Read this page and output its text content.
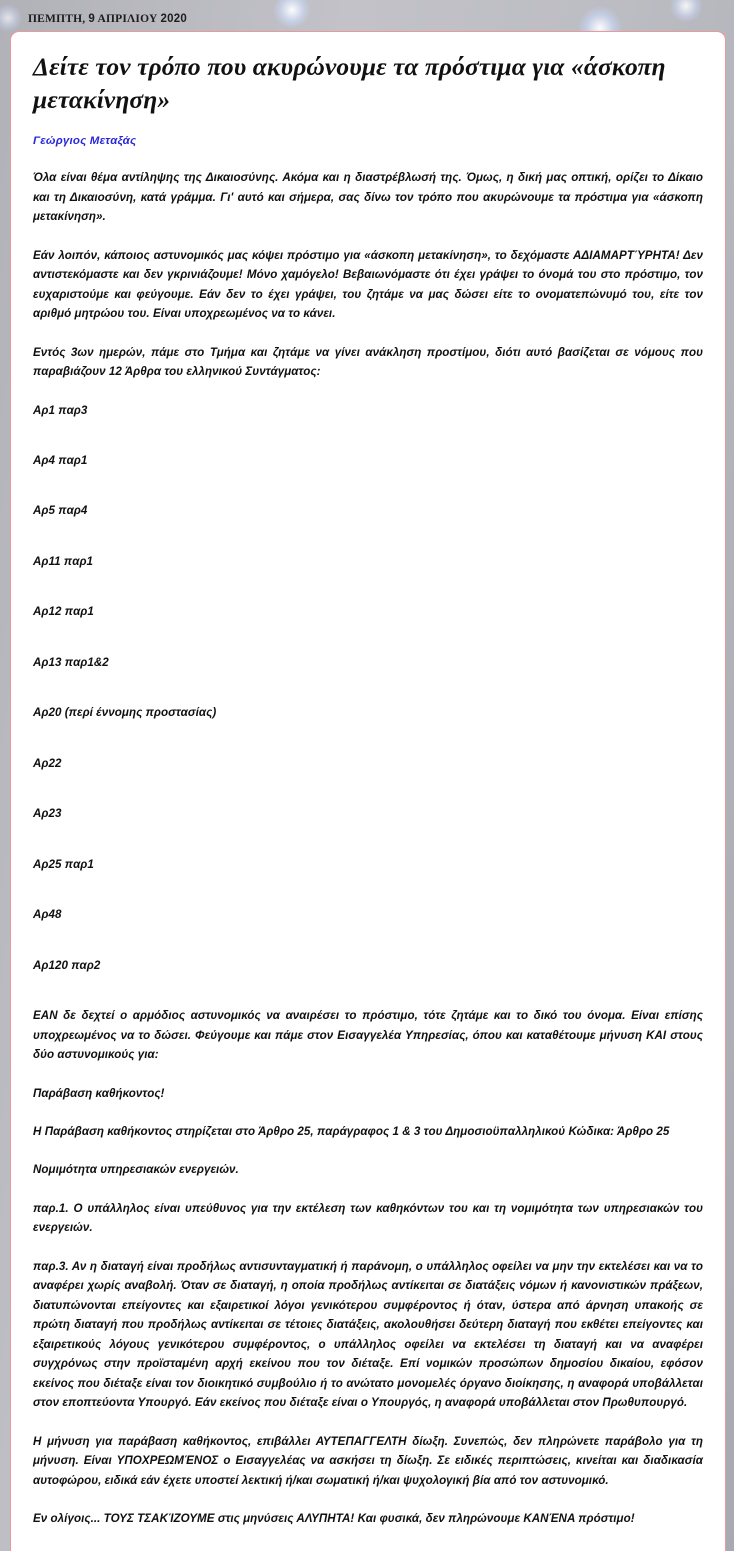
ΠΕΜΠΤΗ, 9 ΑΠΡΙΛΙΟΥ 2020
Δείτε τον τρόπο που ακυρώνουμε τα πρόστιμα για «άσκοπη μετακίνηση»
Γεώργιος Μεταξάς

Όλα είναι θέμα αντίληψης της Δικαιοσύνης. Ακόμα και η διαστρέβλωσή της. Όμως, η δική μας οπτική, ορίζει το Δίκαιο και τη Δικαιοσύνη, κατά γράμμα. Γι' αυτό και σήμερα, σας δίνω τον τρόπο που ακυρώνουμε τα πρόστιμα για «άσκοπη μετακίνηση».

Εάν λοιπόν, κάποιος αστυνομικός μας κόψει πρόστιμο για «άσκοπη μετακίνηση», το δεχόμαστε ΑΔΙΑΜΑΡΤΎΡΗΤΑ! Δεν αντιστεκόμαστε και δεν γκρινιάζουμε! Μόνο χαμόγελο! Βεβαιωνόμαστε ότι έχει γράψει το όνομά του στο πρόστιμο, τον ευχαριστούμε και φεύγουμε. Εάν δεν το έχει γράψει, του ζητάμε να μας δώσει είτε το ονοματεπώνυμό του, είτε τον αριθμό μητρώου του. Είναι υποχρεωμένος να το κάνει.

Εντός 3ων ημερών, πάμε στο Τμήμα και ζητάμε να γίνει ανάκληση προστίμου, διότι αυτό βασίζεται σε νόμους που παραβιάζουν 12 Άρθρα του ελληνικού Συντάγματος:

Αρ1 παρ3

Αρ4 παρ1

Αρ5 παρ4

Αρ11 παρ1

Αρ12 παρ1

Αρ13 παρ1&2

Αρ20 (περί έννομης προστασίας)

Αρ22

Αρ23

Αρ25 παρ1

Αρ48

Αρ120 παρ2

ΕΑΝ δε δεχτεί ο αρμόδιος αστυνομικός να αναιρέσει το πρόστιμο, τότε ζητάμε και το δικό του όνομα. Είναι επίσης υποχρεωμένος να το δώσει. Φεύγουμε και πάμε στον Εισαγγελέα Υπηρεσίας, όπου και καταθέτουμε μήνυση ΚΑΙ στους δύο αστυνομικούς για:

Παράβαση καθήκοντος!

Η Παράβαση καθήκοντος στηρίζεται στο Άρθρο 25, παράγραφος 1 & 3 του Δημοσιοϋπαλληλικού Κώδικα: Άρθρο 25

Νομιμότητα υπηρεσιακών ενεργειών.

παρ.1. Ο υπάλληλος είναι υπεύθυνος για την εκτέλεση των καθηκόντων του και τη νομιμότητα των υπηρεσιακών του ενεργειών.

παρ.3. Αν η διαταγή είναι προδήλως αντισυνταγματική ή παράνομη, ο υπάλληλος οφείλει να μην την εκτελέσει και να το αναφέρει χωρίς αναβολή. Όταν σε διαταγή, η οποία προδήλως αντίκειται σε διατάξεις νόμων ή κανονιστικών πράξεων, διατυπώνονται επείγοντες και εξαιρετικοί λόγοι γενικότερου συμφέροντος ή όταν, ύστερα από άρνηση υπακοής σε πρώτη διαταγή που προδήλως αντίκειται σε τέτοιες διατάξεις, ακολουθήσει δεύτερη διαταγή που εκθέτει επείγοντες και εξαιρετικούς λόγους γενικότερου συμφέροντος, ο υπάλληλος οφείλει να εκτελέσει τη διαταγή και να αναφέρει συγχρόνως στην προϊσταμένη αρχή εκείνου που τον διέταξε. Επί νομικών προσώπων δημοσίου δικαίου, εφόσον εκείνος που διέταξε είναι τον διοικητικό συμβούλιο ή το ανώτατο μονομελές όργανο διοίκησης, η αναφορά υποβάλλεται στον εποπτεύοντα Υπουργό. Εάν εκείνος που διέταξε είναι ο Υπουργός, η αναφορά υποβάλλεται στον Πρωθυπουργό.

Η μήνυση για παράβαση καθήκοντος, επιβάλλει ΑΥΤΕΠΑΓΓΕΛΤΗ δίωξη. Συνεπώς, δεν πληρώνετε παράβολο για τη μήνυση. Είναι ΥΠΟΧΡΕΩΜΈΝΟΣ ο Εισαγγελέας να ασκήσει τη δίωξη. Σε ειδικές περιπτώσεις, κινείται και διαδικασία αυτοφώρου, ειδικά εάν έχετε υποστεί λεκτική ή/και σωματική ή/και ψυχολογική βία από τον αστυνομικό.

Εν ολίγοις... ΤΟΥΣ ΤΣΑΚΊΖΟΥΜΕ στις μηνύσεις ΑΛΥΠΗΤΑ! Και φυσικά, δεν πληρώνουμε ΚΑΝΈΝΑ πρόστιμο!
